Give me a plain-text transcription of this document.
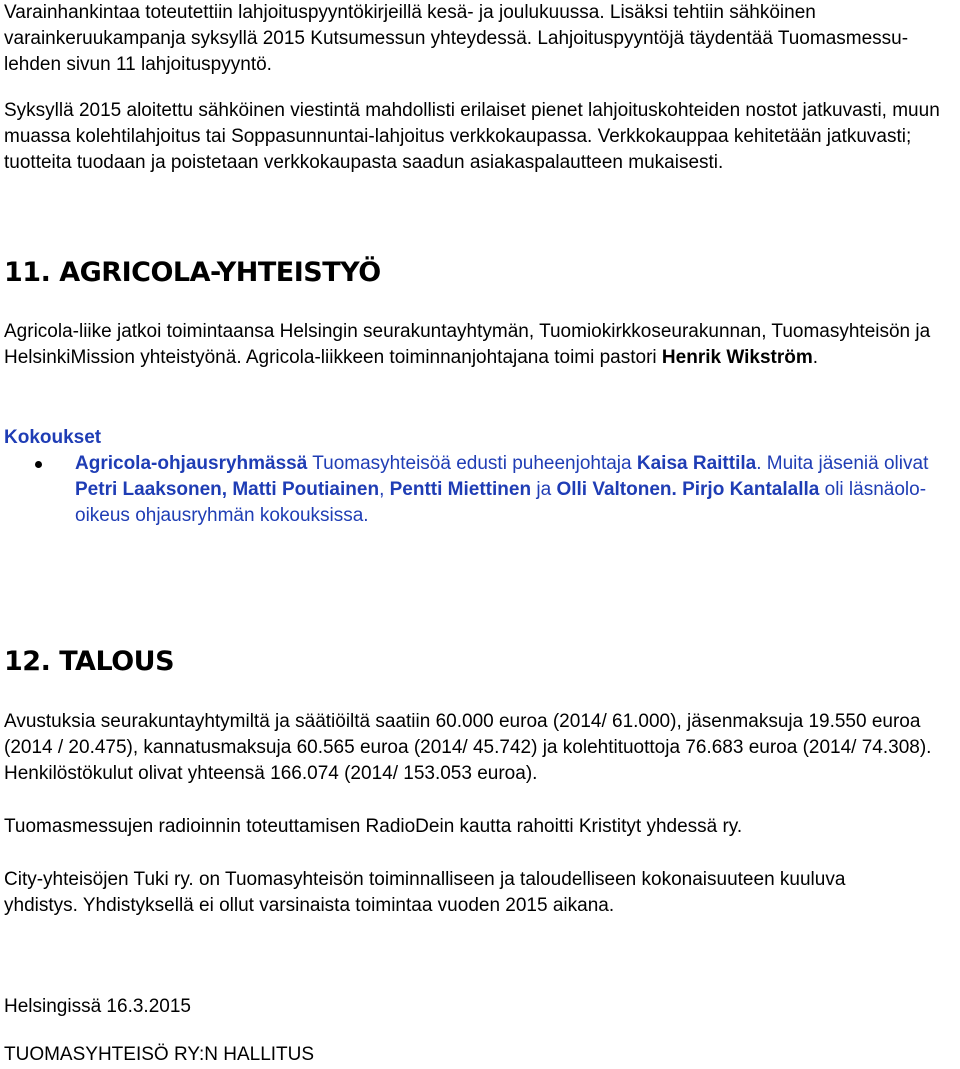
Varainhankintaa toteutettiin lahjoituspyyntökirjeillä kesä- ja joulukuussa. Lisäksi tehtiin sähköinen varainkeruukampanja syksyllä 2015 Kutsumessun yhteydessä. Lahjoituspyyntöjä täydentää Tuomasmessu-lehden sivun 11 lahjoituspyyntö.

Syksyllä 2015 aloitettu sähköinen viestintä mahdollisti erilaiset pienet lahjoituskohteiden nostot jatkuvasti, muun muassa kolehtilahjoitus tai Soppasunnuntai-lahjoitus verkkokaupassa. Verkkokauppaa kehitetään jatkuvasti; tuotteita tuodaan ja poistetaan verkkokaupasta saadun asiakaspalautteen mukaisesti.

11. AGRICOLA-YHTEISTYÖ

Agricola-liike jatkoi toimintaansa Helsingin seurakuntayhtymän, Tuomiokirkkoseurakunnan, Tuomasyhteisön ja HelsinkiMission yhteistyönä. Agricola-liikkeen toiminnanjohtajana toimi pastori Henrik Wikström.

Kokoukset

Agricola-ohjausryhmässä Tuomasyhteisöä edusti puheenjohtaja Kaisa Raittila. Muita jäseniä olivat Petri Laaksonen, Matti Poutiainen, Pentti Miettinen ja Olli Valtonen. Pirjo Kantalalla oli läsnäolo-oikeus ohjausryhmän kokouksissa.
12. TALOUS

Avustuksia seurakuntayhtymiltä ja säätiöiltä saatiin 60.000 euroa (2014/ 61.000), jäsenmaksuja 19.550 euroa (2014 / 20.475), kannatusmaksuja 60.565 euroa (2014/ 45.742) ja kolehtituottoja 76.683 euroa (2014/ 74.308). Henkilöstökulut olivat yhteensä 166.074 (2014/ 153.053 euroa).

Tuomasmessujen radioinnin toteuttamisen RadioDein kautta rahoitti Kristityt yhdessä ry.

City-yhteisöjen Tuki ry. on Tuomasyhteisön toiminnalliseen ja taloudelliseen kokonaisuuteen kuuluva yhdistys. Yhdistyksellä ei ollut varsinaista toimintaa vuoden 2015 aikana.

Helsingissä 16.3.2015

TUOMASYHTEISÖ RY:N HALLITUS
